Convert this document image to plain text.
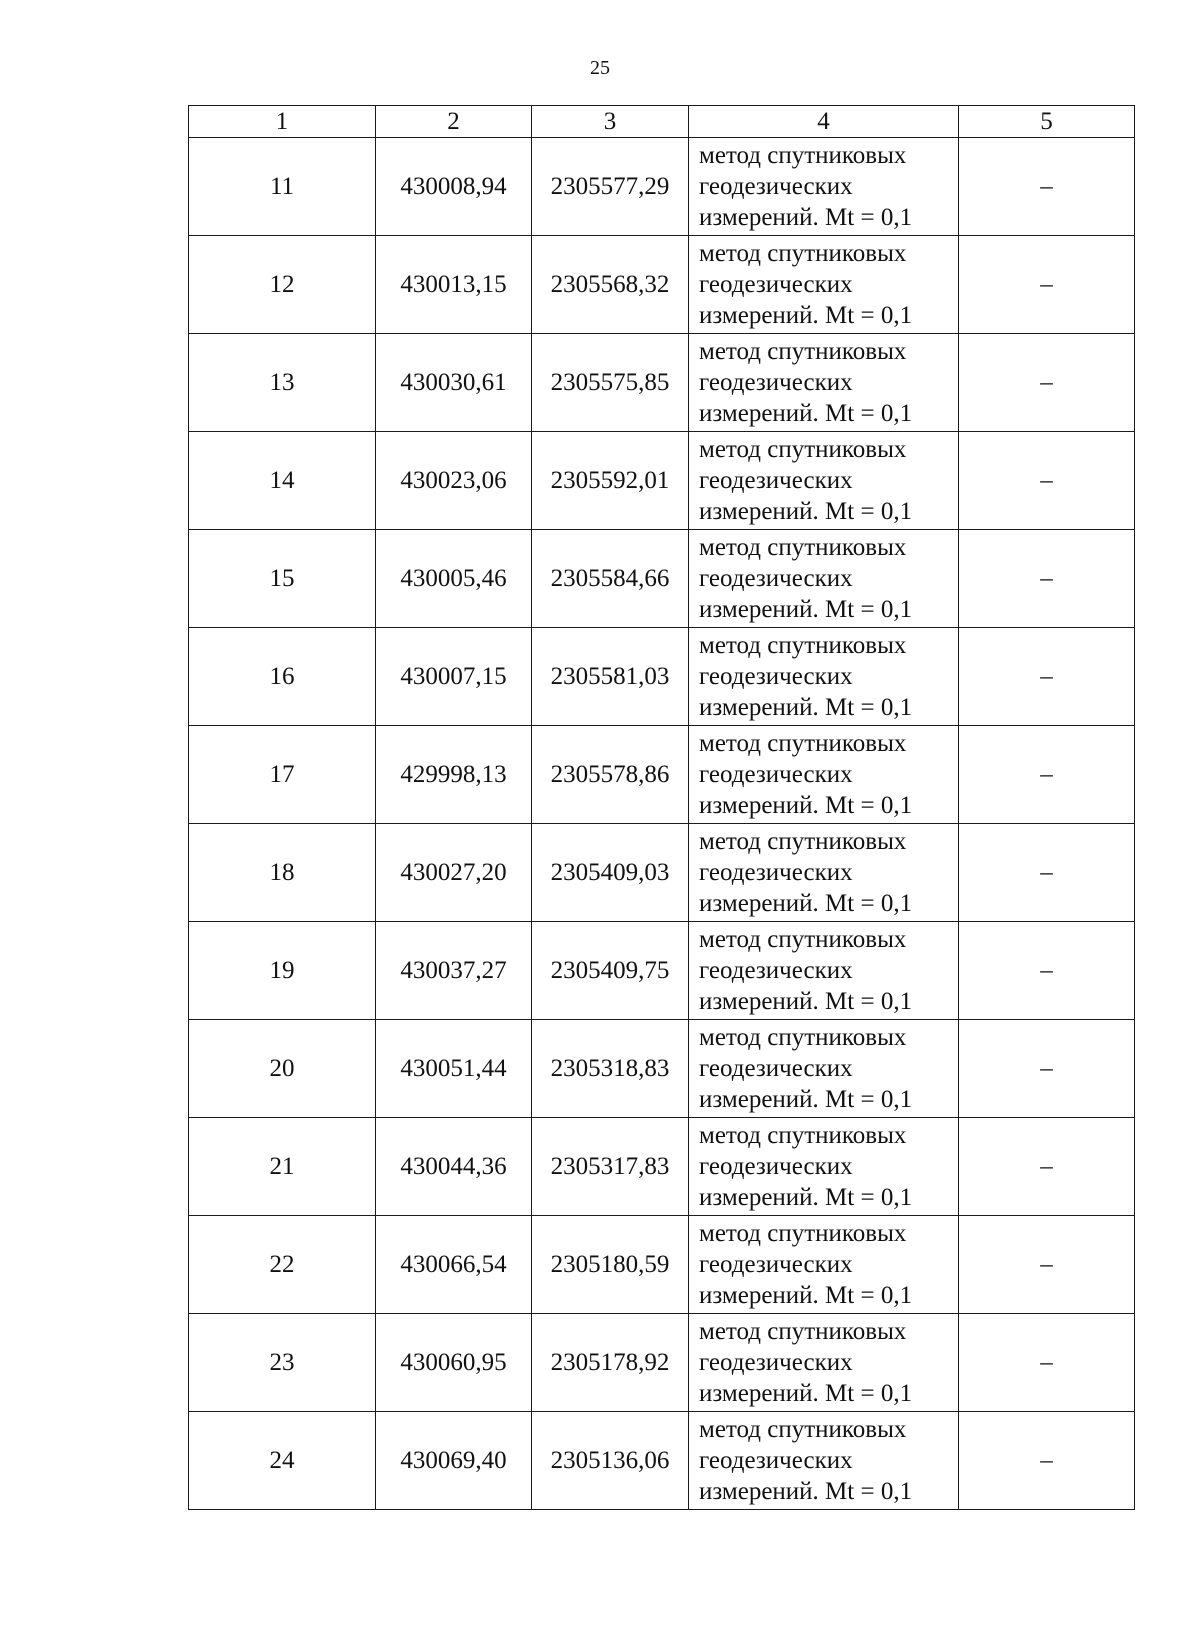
25
1	2	3	4	5
11	430008,94	2305577,29	метод спутниковых
геодезических
измерений. Mt = 0,1	–
12	430013,15	2305568,32	метод спутниковых
геодезических
измерений. Mt = 0,1	–
13	430030,61	2305575,85	метод спутниковых
геодезических
измерений. Mt = 0,1	–
14	430023,06	2305592,01	метод спутниковых
геодезических
измерений. Mt = 0,1	–
15	430005,46	2305584,66	метод спутниковых
геодезических
измерений. Mt = 0,1	–
16	430007,15	2305581,03	метод спутниковых
геодезических
измерений. Mt = 0,1	–
17	429998,13	2305578,86	метод спутниковых
геодезических
измерений. Mt = 0,1	–
18	430027,20	2305409,03	метод спутниковых
геодезических
измерений. Mt = 0,1	–
19	430037,27	2305409,75	метод спутниковых
геодезических
измерений. Mt = 0,1	–
20	430051,44	2305318,83	метод спутниковых
геодезических
измерений. Mt = 0,1	–
21	430044,36	2305317,83	метод спутниковых
геодезических
измерений. Mt = 0,1	–
22	430066,54	2305180,59	метод спутниковых
геодезических
измерений. Mt = 0,1	–
23	430060,95	2305178,92	метод спутниковых
геодезических
измерений. Mt = 0,1	–
24	430069,40	2305136,06	метод спутниковых
геодезических
измерений. Mt = 0,1	–
